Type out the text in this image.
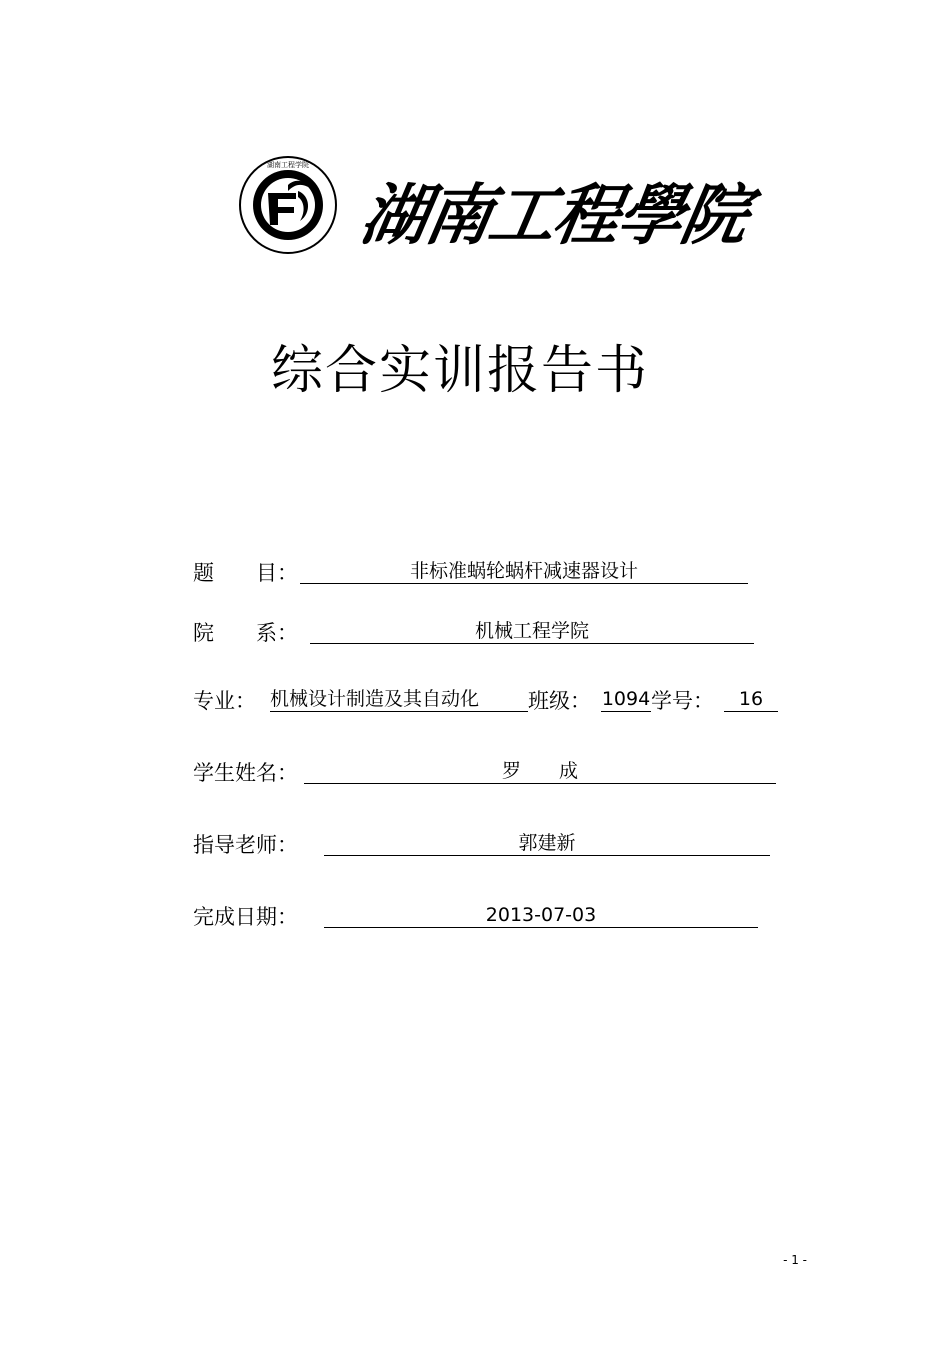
1951
湖南工程学院
湖
南
工
程
學
院
综合实训报告书
题　　目：	非标准蜗轮蜗杆减速器设计
院　　系：	机械工程学院
专业： 机械设计制造及其自动化	班级： 1094 学号：	16
学生姓名：	罗　　成
指导老师：	郭建新
完成日期：	2013-07-03
- 1 -
